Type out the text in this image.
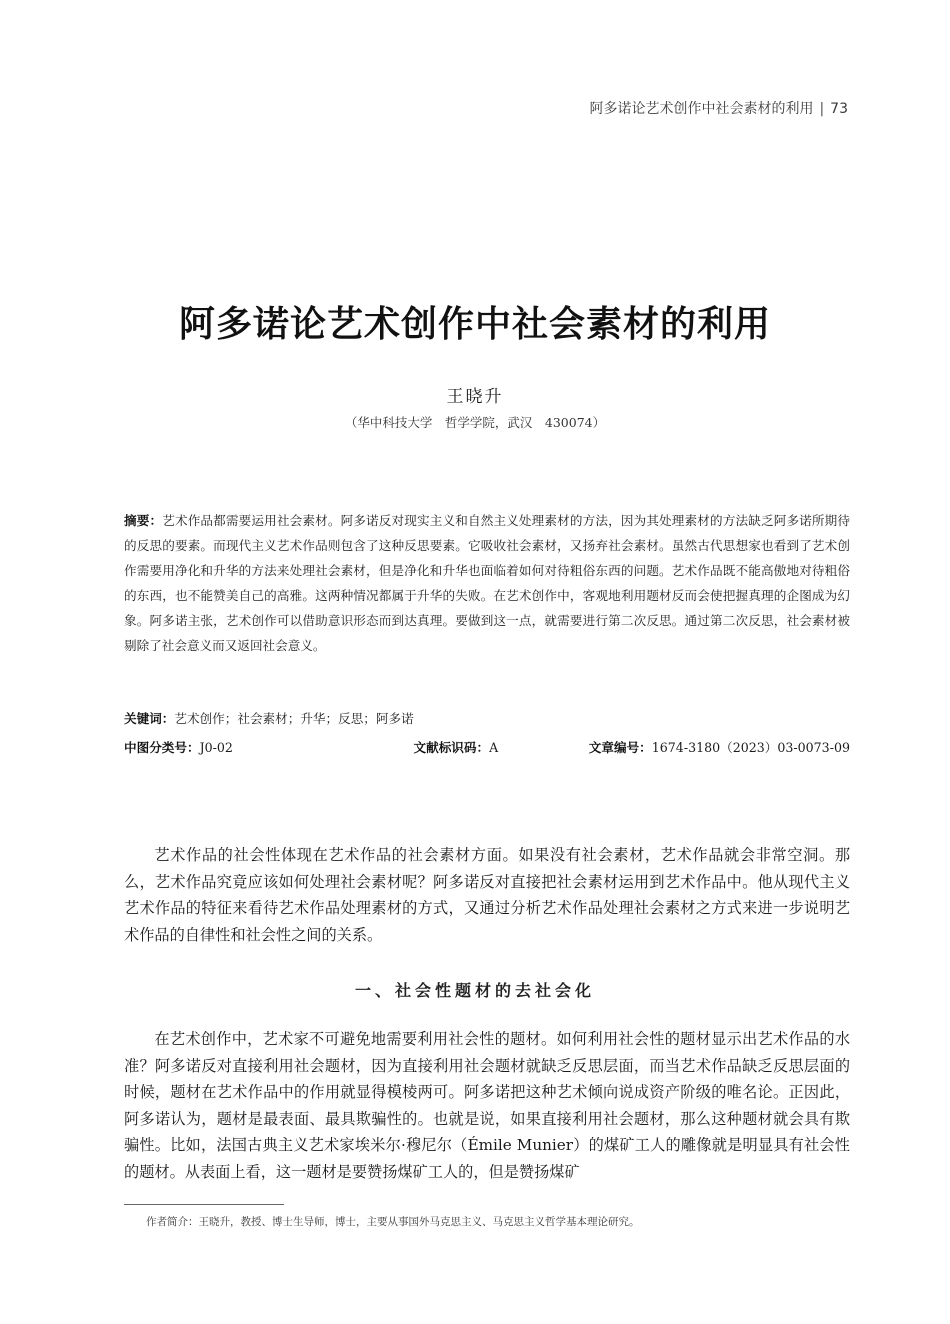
阿多诺论艺术创作中社会素材的利用 | 73
阿多诺论艺术创作中社会素材的利用
王晓升
（华中科技大学　哲学学院，武汉　430074）
摘要：艺术作品都需要运用社会素材。阿多诺反对现实主义和自然主义处理素材的方法，因为其处理素材的方法缺乏阿多诺所期待的反思的要素。而现代主义艺术作品则包含了这种反思要素。它吸收社会素材，又扬弃社会素材。虽然古代思想家也看到了艺术创作需要用净化和升华的方法来处理社会素材，但是净化和升华也面临着如何对待粗俗东西的问题。艺术作品既不能高傲地对待粗俗的东西，也不能赞美自己的高雅。这两种情况都属于升华的失败。在艺术创作中，客观地利用题材反而会使把握真理的企图成为幻象。阿多诺主张，艺术创作可以借助意识形态而到达真理。要做到这一点，就需要进行第二次反思。通过第二次反思，社会素材被剔除了社会意义而又返回社会意义。
关键词：艺术创作；社会素材；升华；反思；阿多诺
中图分类号：J0-02	文献标识码：A	文章编号：1674-3180（2023）03-0073-09

艺术作品的社会性体现在艺术作品的社会素材方面。如果没有社会素材，艺术作品就会非常空洞。那么，艺术作品究竟应该如何处理社会素材呢？阿多诺反对直接把社会素材运用到艺术作品中。他从现代主义艺术作品的特征来看待艺术作品处理素材的方式，又通过分析艺术作品处理社会素材之方式来进一步说明艺术作品的自律性和社会性之间的关系。

一、社会性题材的去社会化

在艺术创作中，艺术家不可避免地需要利用社会性的题材。如何利用社会性的题材显示出艺术作品的水准？阿多诺反对直接利用社会题材，因为直接利用社会题材就缺乏反思层面，而当艺术作品缺乏反思层面的时候，题材在艺术作品中的作用就显得模棱两可。阿多诺把这种艺术倾向说成资产阶级的唯名论。正因此，阿多诺认为，题材是最表面、最具欺骗性的。也就是说，如果直接利用社会题材，那么这种题材就会具有欺骗性。比如，法国古典主义艺术家埃米尔·穆尼尔（Émile Munier）的煤矿工人的雕像就是明显具有社会性的题材。从表面上看，这一题材是要赞扬煤矿工人的，但是赞扬煤矿

作者简介：王晓升，教授、博士生导师，博士，主要从事国外马克思主义、马克思主义哲学基本理论研究。
